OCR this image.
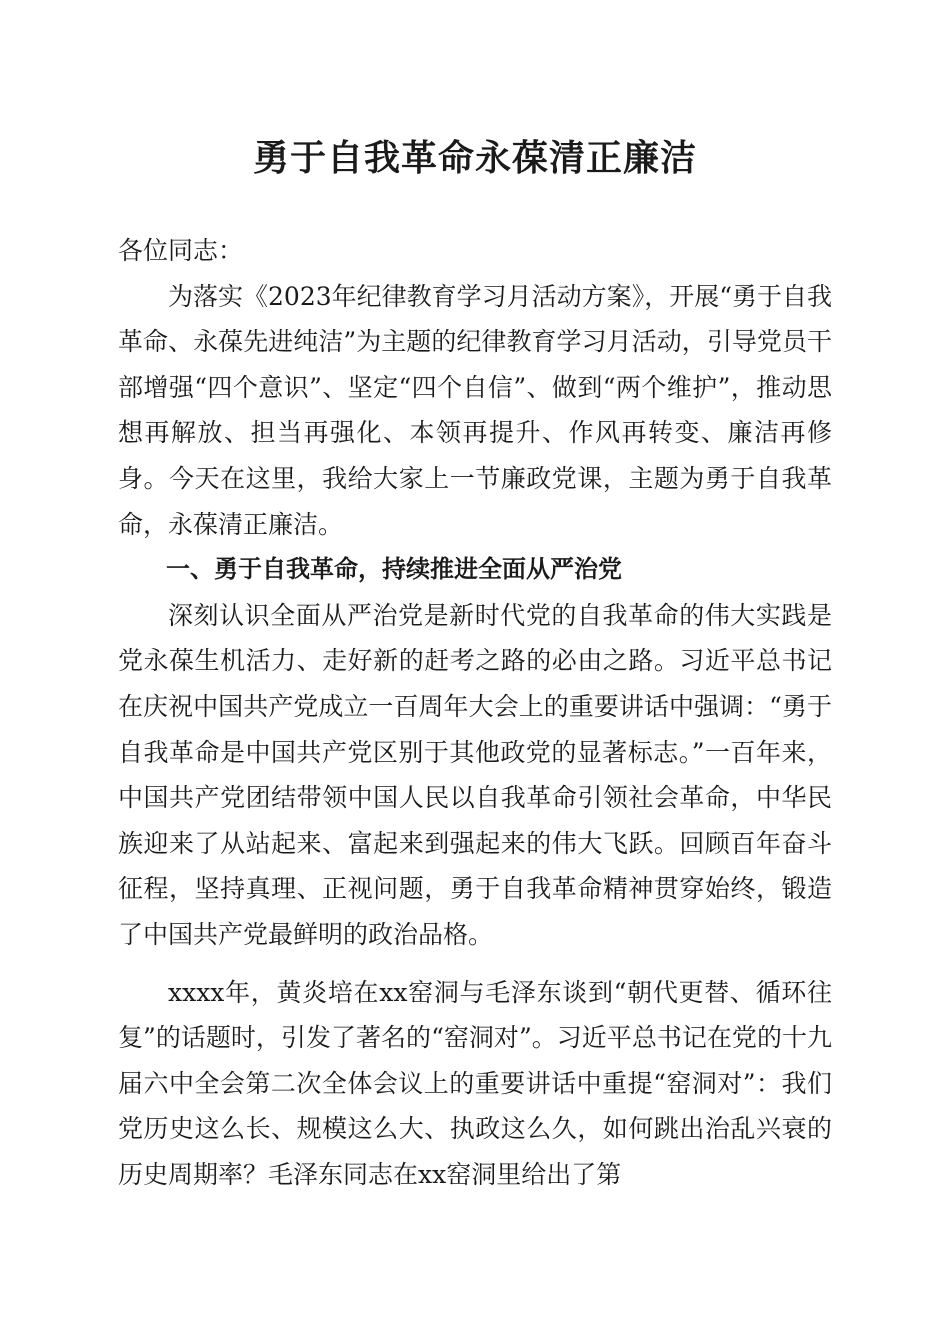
勇于自我革命永葆清正廉洁

各位同志：

为落实《2023年纪律教育学习月活动方案》，开展“勇于自我革命、永葆先进纯洁”为主题的纪律教育学习月活动，引导党员干部增强“四个意识”、坚定“四个自信”、做到“两个维护”，推动思想再解放、担当再强化、本领再提升、作风再转变、廉洁再修身。今天在这里，我给大家上一节廉政党课，主题为勇于自我革命，永葆清正廉洁。

一、勇于自我革命，持续推进全面从严治党

深刻认识全面从严治党是新时代党的自我革命的伟大实践是党永葆生机活力、走好新的赶考之路的必由之路。习近平总书记在庆祝中国共产党成立一百周年大会上的重要讲话中强调：“勇于自我革命是中国共产党区别于其他政党的显著标志。”一百年来，中国共产党团结带领中国人民以自我革命引领社会革命，中华民族迎来了从站起来、富起来到强起来的伟大飞跃。回顾百年奋斗征程，坚持真理、正视问题，勇于自我革命精神贯穿始终，锻造了中国共产党最鲜明的政治品格。

xxxx年，黄炎培在xx窑洞与毛泽东谈到“朝代更替、循环往复”的话题时，引发了著名的“窑洞对”。习近平总书记在党的十九届六中全会第二次全体会议上的重要讲话中重提“窑洞对”：我们党历史这么长、规模这么大、执政这么久，如何跳出治乱兴衰的历史周期率？毛泽东同志在xx窑洞里给出了第
